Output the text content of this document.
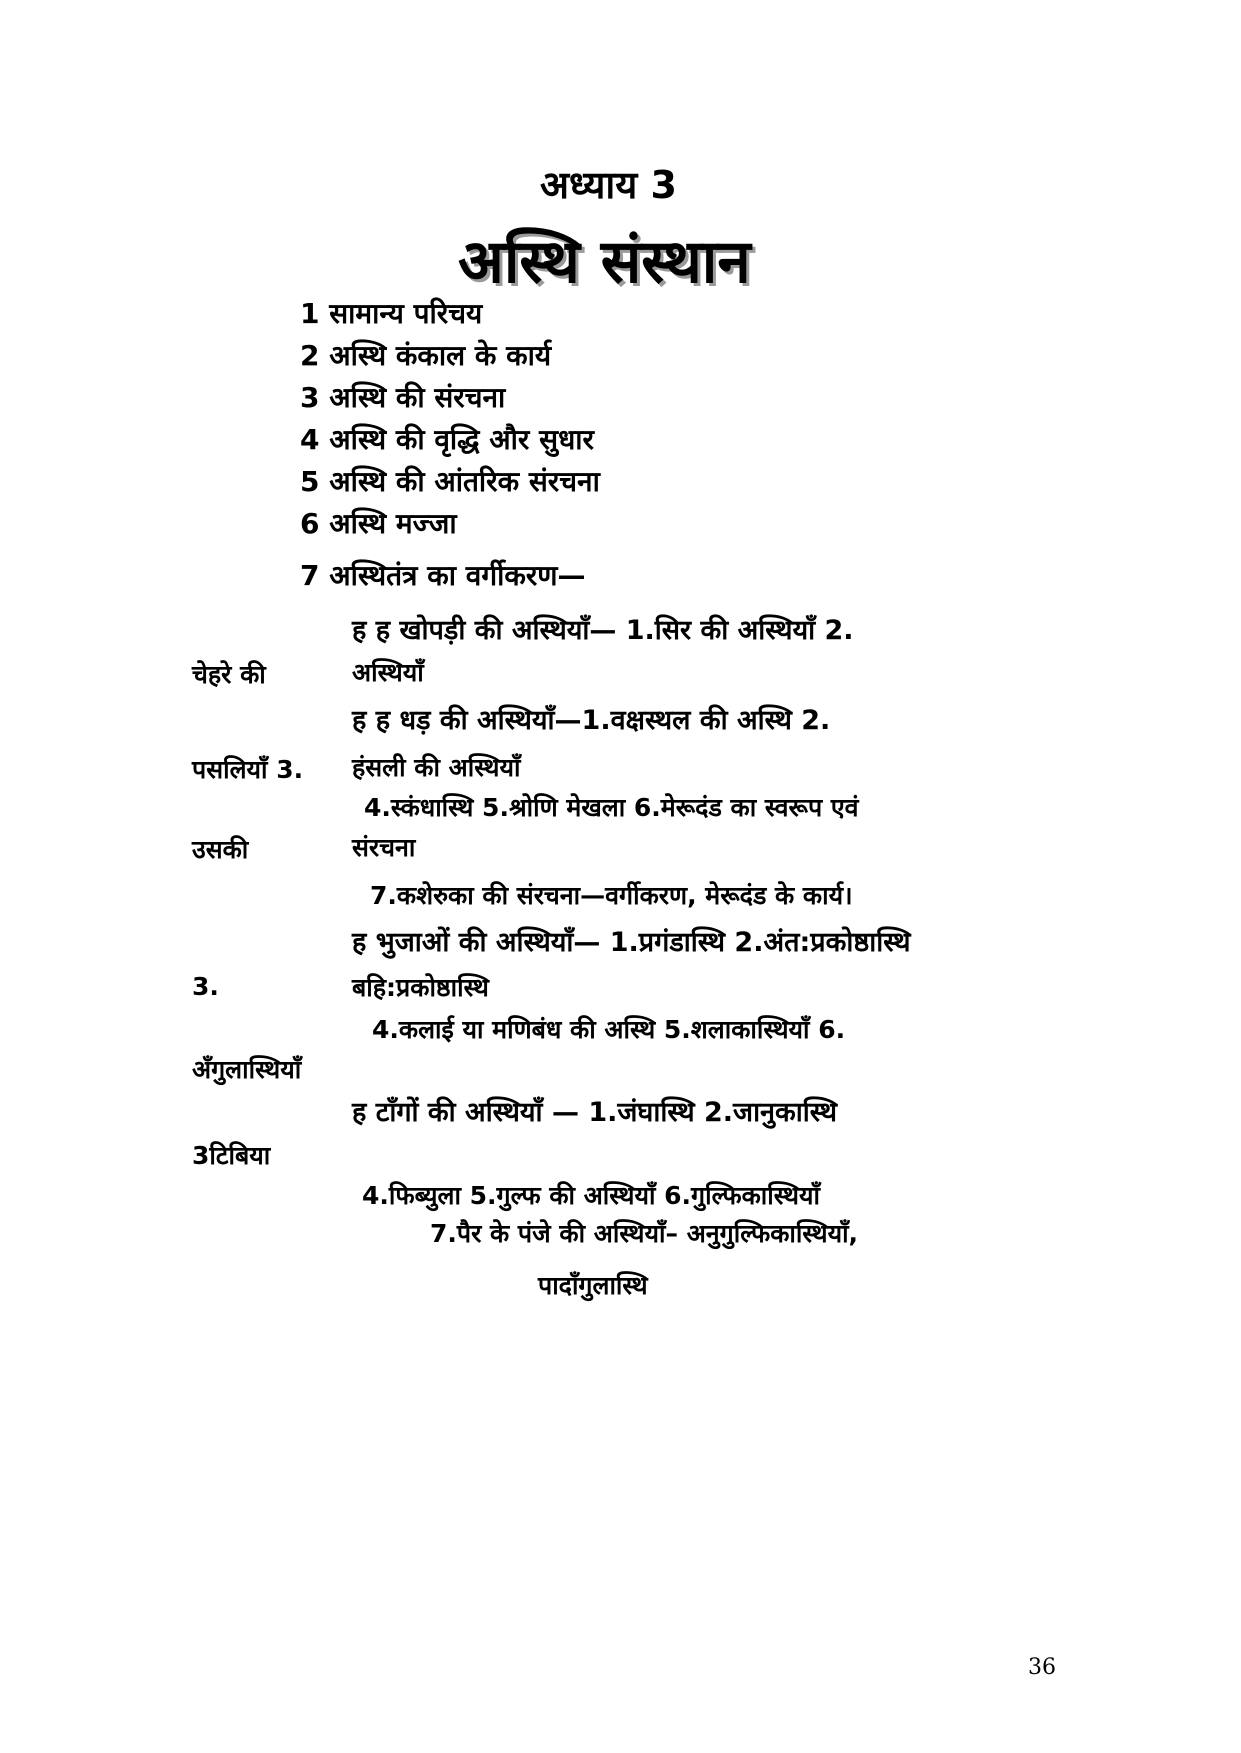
अध्याय 3
अस्थि संस्थान
1 सामान्य परिचय
2 अस्थि कंकाल के कार्य
3 अस्थि की संरचना
4 अस्थि की वृद्धि और सुधार
5 अस्थि की आंतरिक संरचना
6 अस्थि मज्जा
7 अस्थितंत्र का वर्गीकरण—
ह ह खोपड़ी की अस्थियाँ— 1.सिर की अस्थियाँ 2.
चेहरे की	अस्थियाँ
ह ह धड़ की अस्थियाँ—1.वक्षस्थल की अस्थि 2.
पसलियाँ 3. हंसली की अस्थियाँ
4.स्कंधास्थि 5.श्रोणि मेखला 6.मेरूदंड का स्वरूप एवं
उसकी	संरचना
7.कशेरुका की संरचना—वर्गीकरण, मेरूदंड के कार्य।
ह भुजाओं की अस्थियाँ— 1.प्रगंडास्थि 2.अंत:प्रकोष्ठास्थि
3.	बहि:प्रकोष्ठास्थि
4.कलाई या मणिबंध की अस्थि 5.शलाकास्थियाँ 6.
अँगुलास्थियाँ
ह टाँगों की अस्थियाँ — 1.जंघास्थि 2.जानुकास्थि
3टिबिया
4.फिब्युला 5.गुल्फ की अस्थियाँ 6.गुल्फिकास्थियाँ
7.पैर के पंजे की अस्थियाँ– अनुगुल्फिकास्थियाँ,
पादाँगुलास्थि
36
